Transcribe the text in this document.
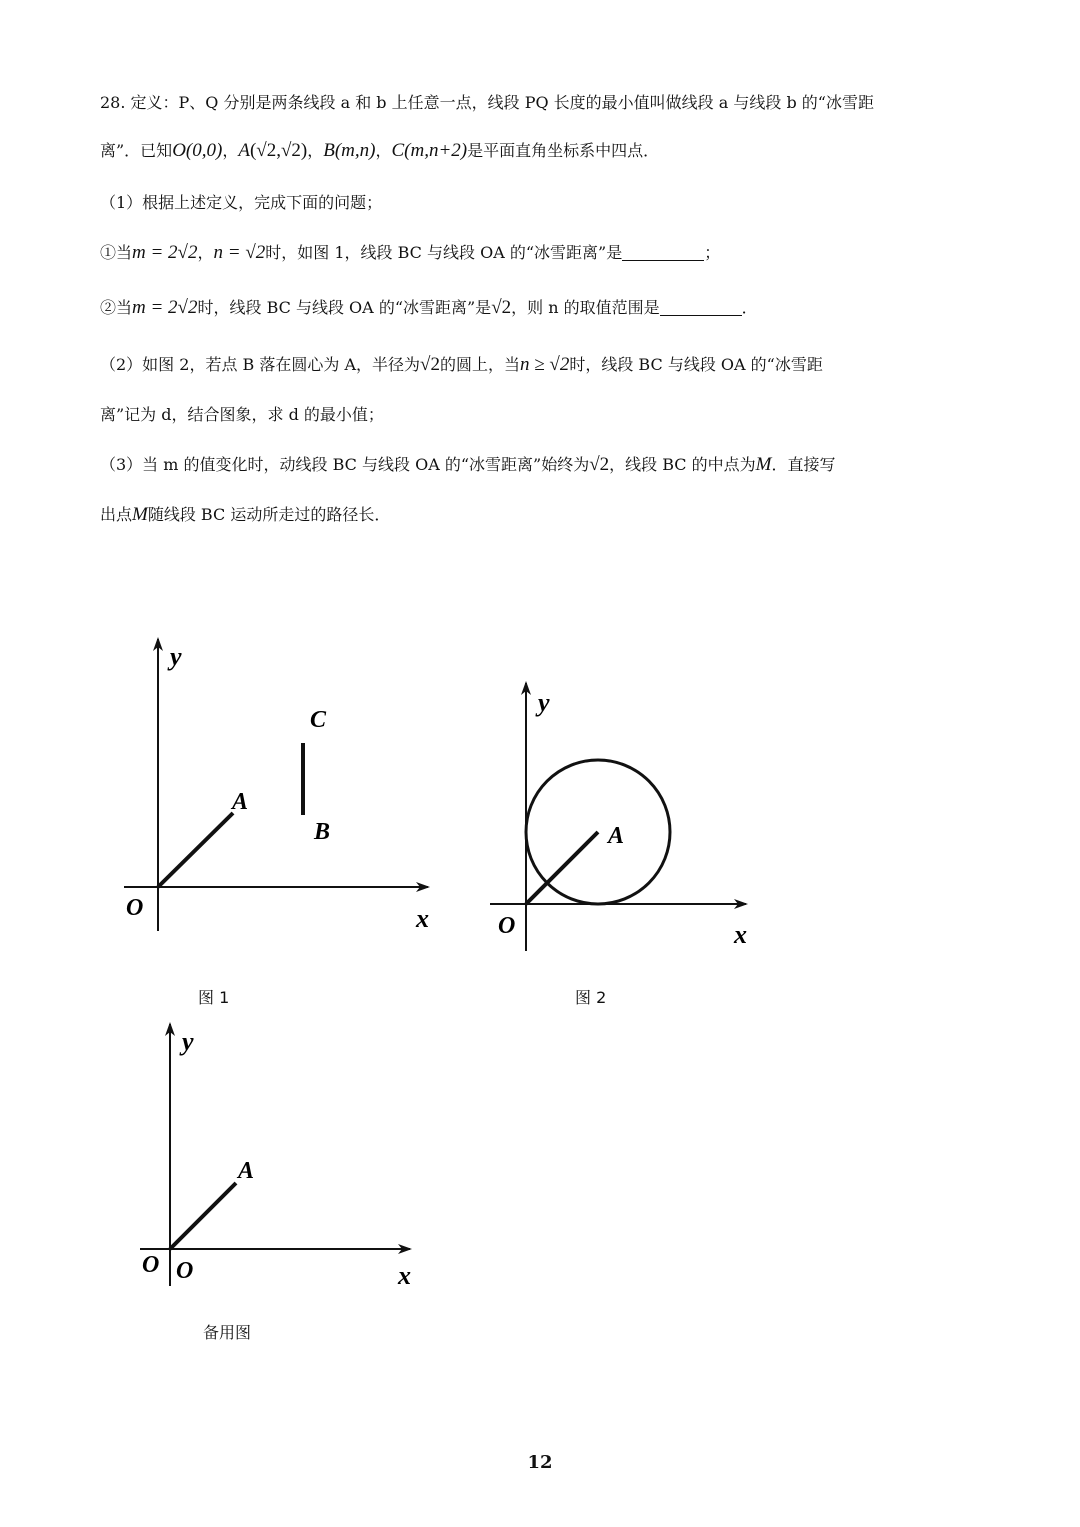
28. 定义：P、Q 分别是两条线段 a 和 b 上任意一点，线段 PQ 长度的最小值叫做线段 a 与线段 b 的“冰雪距
离”．已知O(0,0)，A(√2,√2)，B(m,n)，C(m,n+2)是平面直角坐标系中四点．
（1）根据上述定义，完成下面的问题；
①当m = 2√2，n = √2时，如图 1，线段 BC 与线段 OA 的“冰雪距离”是	；
②当m = 2√2时，线段 BC 与线段 OA 的“冰雪距离”是√2，则 n 的取值范围是	．
（2）如图 2，若点 B 落在圆心为 A，半径为√2的圆上，当n ≥ √2时，线段 BC 与线段 OA 的“冰雪距
离”记为 d，结合图象，求 d 的最小值；
（3）当 m 的值变化时，动线段 BC 与线段 OA 的“冰雪距离”始终为√2，线段 BC 的中点为M．直接写
出点M随线段 BC 运动所走过的路径长．
y
x
O
A
B
C
图 1
y
x
O
A
图 2
y
x
O O
A
备用图
12
